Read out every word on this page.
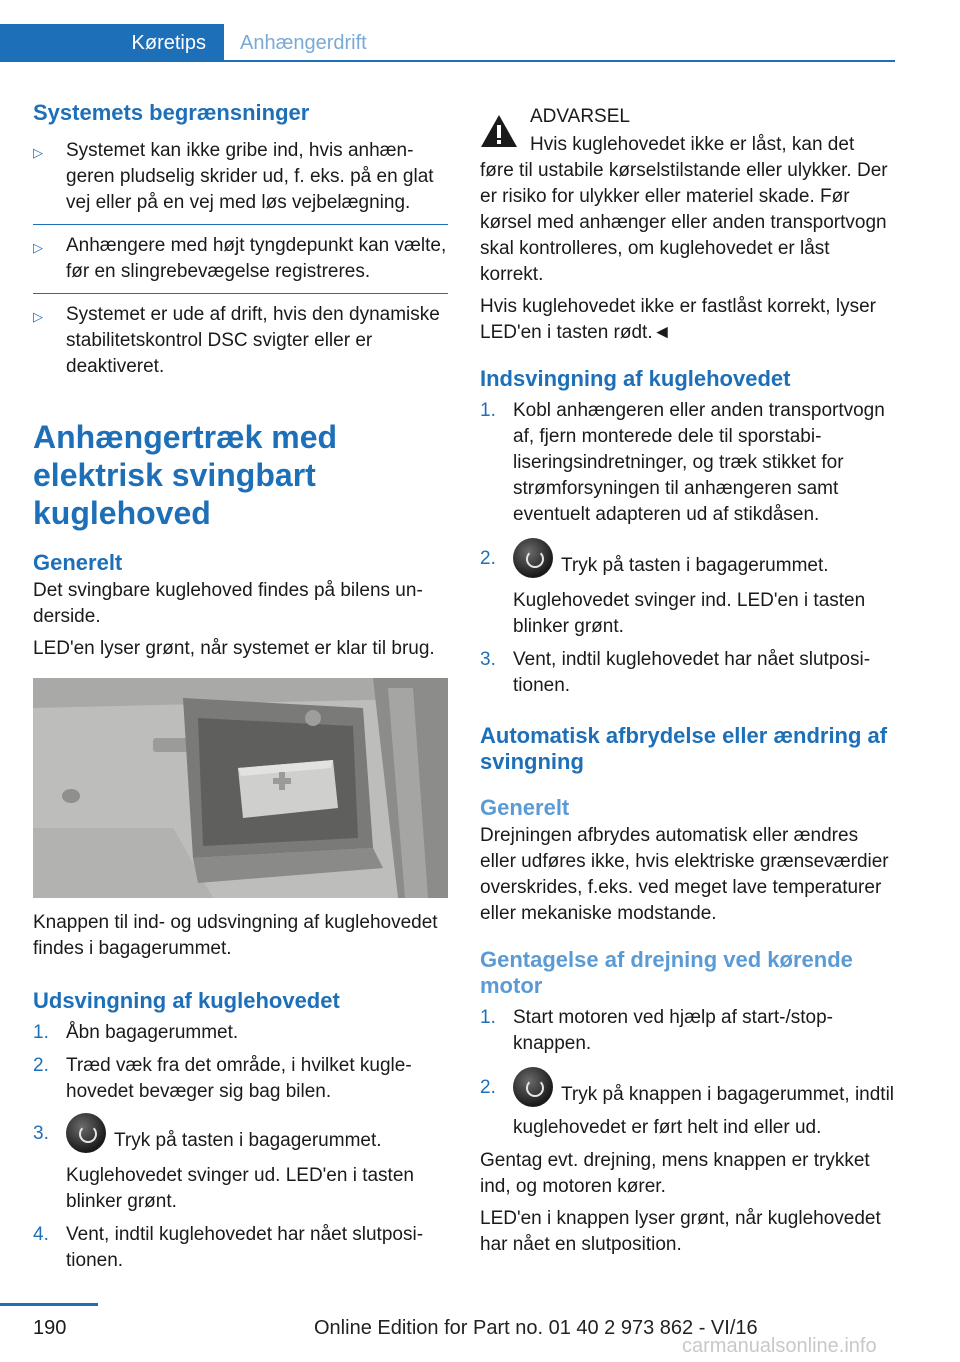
Køretips Anhængerdrift
Systemets begrænsninger
▷ Systemet kan ikke gribe ind, hvis anhængeren pludselig skrider ud, f. eks. på en glat vej eller på en vej med løs vejbelægning.
▷ Anhængere med højt tyngdepunkt kan vælte, før en slingrebevægelse registreres.
▷ Systemet er ude af drift, hvis den dynamiske stabilitetskontrol DSC svigter eller er deaktiveret.
Anhængertræk med elektrisk svingbart kuglehoved
Generelt
Det svingbare kuglehoved findes på bilens underside.
LED'en lyser grønt, når systemet er klar til brug.
Knappen til ind- og udsvingning af kuglehovedet findes i bagagerummet.
Udsvingning af kuglehovedet
1. Åbn bagagerummet.
2. Træd væk fra det område, i hvilket kuglehovedet bevæger sig bag bilen.
3.	Tryk på tasten i bagagerummet.
Kuglehovedet svinger ud. LED'en i tasten blinker grønt.
4. Vent, indtil kuglehovedet har nået slutpositionen.
ADVARSEL
Hvis kuglehovedet ikke er låst, kan det
føre til ustabile kørselstilstande eller ulykker. Der er risiko for ulykker eller materiel skade. Før kørsel med anhænger eller anden transportvogn skal kontrolleres, om kuglehovedet er låst korrekt.
Hvis kuglehovedet ikke er fastlåst korrekt, lyser LED'en i tasten rødt.◄
Indsvingning af kuglehovedet
1. Kobl anhængeren eller anden transportvogn af, fjern monterede dele til sporstabiliseringsindretninger, og træk stikket for strømforsyningen til anhængeren samt eventuelt adapteren ud af stikdåsen.
2.	Tryk på tasten i bagagerummet.
Kuglehovedet svinger ind. LED'en i tasten blinker grønt.
3. Vent, indtil kuglehovedet har nået slutpositionen.
Automatisk afbrydelse eller ændring af svingning
Generelt
Drejningen afbrydes automatisk eller ændres eller udføres ikke, hvis elektriske grænseværdier overskrides, f.eks. ved meget lave temperaturer eller mekaniske modstande.
Gentagelse af drejning ved kørende motor
1. Start motoren ved hjælp af start-/stop-knappen.
2.	Tryk på knappen i bagagerummet, indtil kuglehovedet er ført helt ind eller ud.
Gentag evt. drejning, mens knappen er trykket ind, og motoren kører.
LED'en i knappen lyser grønt, når kuglehovedet har nået en slutposition.
190	Online Edition for Part no. 01 40 2 973 862 - VI/16
carmanualsonline.info
